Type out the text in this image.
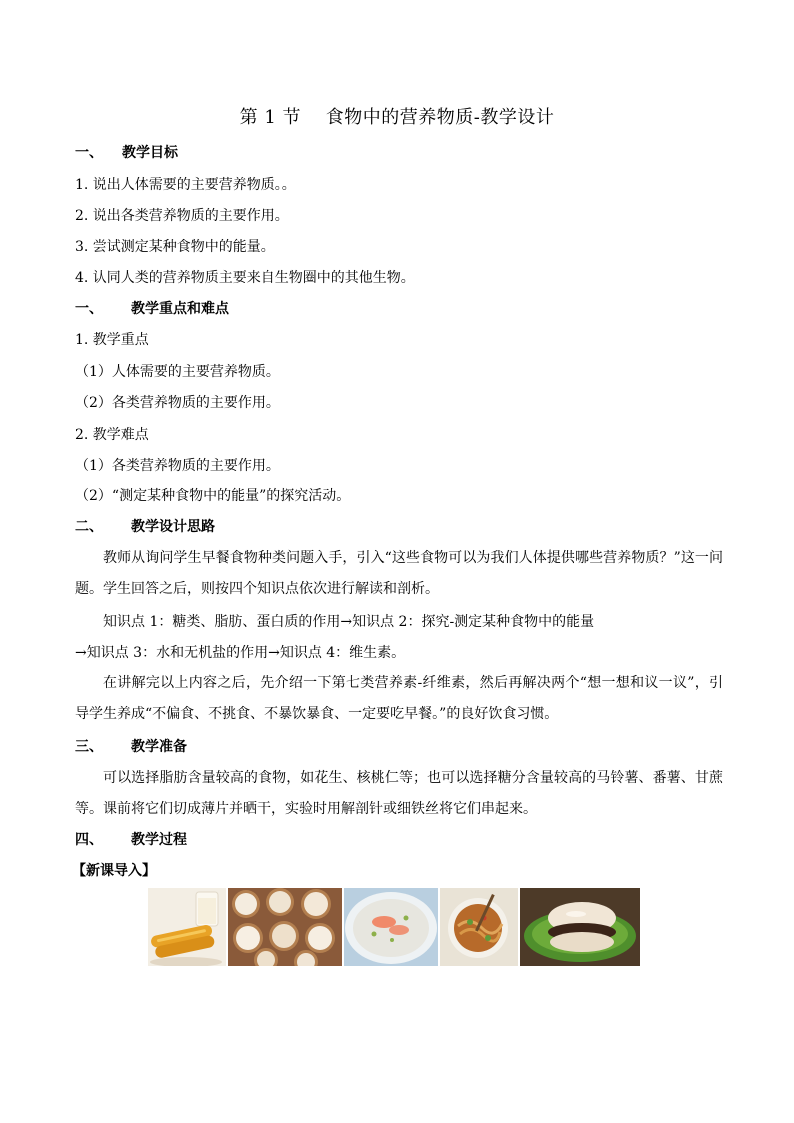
第 1 节　 食物中的营养物质-教学设计
一、 教学目标
1. 说出人体需要的主要营养物质。。
2. 说出各类营养物质的主要作用。
3. 尝试测定某种食物中的能量。
4. 认同人类的营养物质主要来自生物圈中的其他生物。
一、 教学重点和难点
1. 教学重点
（1）人体需要的主要营养物质。
（2）各类营养物质的主要作用。
2. 教学难点
（1）各类营养物质的主要作用。
（2）“测定某种食物中的能量”的探究活动。
二、 教学设计思路
教师从询问学生早餐食物种类问题入手，引入“这些食物可以为我们人体提供哪些营养物质？”这一问题。学生回答之后，则按四个知识点依次进行解读和剖析。
知识点 1：糖类、脂肪、蛋白质的作用→知识点 2：探究-测定某种食物中的能量
→知识点 3：水和无机盐的作用→知识点 4：维生素。
在讲解完以上内容之后，先介绍一下第七类营养素-纤维素，然后再解决两个“想一想和议一议”，引导学生养成“不偏食、不挑食、不暴饮暴食、一定要吃早餐。”的良好饮食习惯。
三、 教学准备
可以选择脂肪含量较高的食物，如花生、核桃仁等；也可以选择糖分含量较高的马铃薯、番薯、甘蔗等。课前将它们切成薄片并晒干，实验时用解剖针或细铁丝将它们串起来。
四、 教学过程
【新课导入】
